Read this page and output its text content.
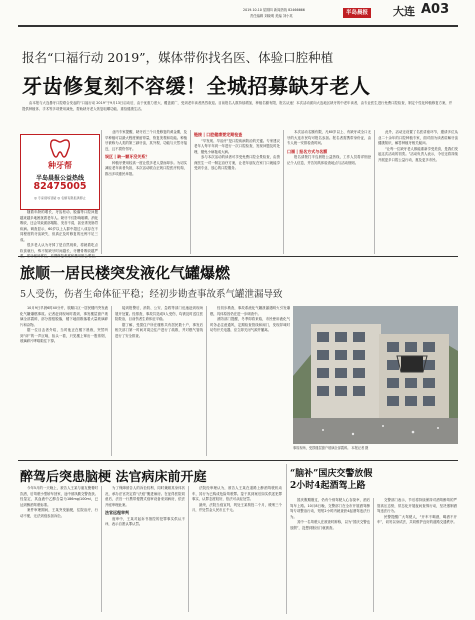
2019.10.10 星期四 新闻热线 82466666
责任编辑 刘晓明 美编 刘小英	半岛晨报 大连 A03
报名“口福行动 2019”，媒体带你找名医、体验口腔种植
牙齿修复刻不容缓！全城招募缺牙老人
由本报与大连暴牙口腔联合发起的“口福行动 2019”于9月13日启动后，由于优惠力度大、覆盖面广，受到老年读者热烈欢迎。目前报名人数持续增加，种植名额有限，报名从速！本次活动面向大连地区缺牙的中老年读者，由专业医生进行免费口腔检查，制定个性化种植修复方案，并提供种植体、手术等多项费用减免，帮助缺牙老人恢复咀嚼功能、重拾健康生活。
种牙帮
半岛晨报公益热线
82475005
◎ 专家现场答疑 ◎ 名额有限报满即止

随着年龄的增长，牙齿松动、脱落等口腔问题越来越多地困扰着老年人。缺牙不仅影响咀嚼、消化吸收，还会导致面部塌陷、发音不清，甚至诱发肠胃疾病。调查显示，60岁以上人群中超过八成存在不同程度的牙齿缺失，但真正及时修复的比例不足三成。

很多老人认为牙掉了是自然现象，将就着吃点软食就行，殊不知缺牙时间越长，牙槽骨吸收越严

业内专家提醒，缺牙后三个月是修复的黄金期，及早种植可以最大程度保留骨量，恢复美观和功能。种植牙被称为人类的第三副牙齿，其外观、功能与天然牙接近，且不损伤邻牙。

误区 | 缺一颗牙没关系？

种植牙费用较高一度让很多老人望而却步。为切实减轻老年读者负担，本次活动联合正规口腔医疗机构，推出多项惠民举措。

链接 | 口腔健康要定期检查

“早发现、早治疗”是口腔疾病防治的关键。专家建议老年人每半年到一年进行一次口腔检查，发现问题及时处理，避免小病拖成大病。

参与本次活动的读者可享受免费口腔全景检查，由资深医生一对一制定治疗方案，让老年朋友在家门口就能享受到专业、放心的口腔服务。

本次活动名额有限，凡60岁以上、有缺牙或全口无牙的大连市民均可报名参加。报名者需携带身份证，由专人统一安排检查时间。

口福 | 报名方式与名额

报名请拨打半岛晨报公益热线，工作人员将详细登记个人信息，并告知具体检查地点与活动细则。

此外，活动还设置了名医讲座环节，邀请多位从业二十余年的口腔种植专家，面对面为读者讲解牙齿健康知识，解答种植牙相关疑问。

“让每一位缺牙老人都能重新享受美食，是我们发起这次活动的初衷。”活动负责人表示，今后还将持续开展更多口腔公益行动，惠及更多市民。

旅顺一居民楼突发液化气罐爆燃
5人受伤，伤者生命体征平稳；经初步勘查事故系气罐泄漏导致

10月9日早晨6时40分许，旅顺口区一居民楼内突发液化气罐爆燃事故。记者赶到现场时看到，事发楼层窗户玻璃全部震碎，部分窗框脱落，楼下地面散落着大量玻璃碎片和杂物。

据一位目击者介绍，当时他正在楼下晨练，突然听到“砰”的一声巨响，抬头一看，只见楼上窜出一股浓烟，玻璃碎片哗啦啦往下掉。

接到报警后，消防、公安、急救等部门迅速赶到现场展开处置。经排查，事故共造成5人受伤，均被及时送往医院救治，目前伤者生命体征平稳。

据了解，受损住户所在楼栋共有居民数十户，事发后相关部门第一时间对周边住户进行了疏散，并对燃气管线进行了安全排查。

经初步勘查，事故系液化气罐泄漏遇明火引发爆燃，具体原因仍在进一步调查中。

消防部门提醒，冬季即将来临，市民使用液化气时务必注意通风，定期检查管线和阀门，发现异味时切勿开关电器，应立即关闭气源并撤离。

事故现场，受损楼层窗户玻璃全部震碎。 本报记者 摄
醉驾后突患脑梗 法官病床前开庭

今年5月的一天晚上，被告人王某与朋友聚餐时饮酒，后驾驶小型轿车回家，途中被执勤交警查获。经鉴定，其血液中乙醇含量为186mg/100ml，已达到醉酒驾驶标准。

案件审理期间，王某突发脑梗，住院治疗，行动不便，无法到庭参加诉讼。

为了保障被告人的诉讼权利，同时兼顾其身体状况，承办法官决定将“法庭”搬进病房。在征得医院同意后，法官一行携带便携式庭审设备来到病房，依法开庭审理此案。

法官远程审判

庭审中，王某对起诉书指控的犯罪事实供认不讳，表示自愿认罪认罚。

法院经审理认为，被告人王某在道路上醉酒驾驶机动车，其行为已构成危险驾驶罪。鉴于其到案后如实供述犯罪事实，认罪态度较好，依法可从轻处罚。

最终，法院当庭宣判，判处王某拘役二个月，缓刑三个月，并处罚金人民币五千元。

“脑补”国庆交警放假
2小时4起酒驾上路

国庆假期刚过，仍有个别驾驶人心存侥幸，酒后驾车上路。10月8日晚，交警部门在全市开展酒驾醉驾专项整治行动，短短2小时内就查获4起酒驾违法行为。

其中一名驾驶人在被查时辩称，以为“国庆交警也放假”，没想到刚出门就被查。

交警部门表示，节后将持续保持对酒驾醉驾的严管高压态势，常态化开展夜间查缉行动，坚决遏制酒驾违法行为。

民警提醒广大驾驶人，“开车不喝酒，喝酒不开车”，切勿以身试法，共同维护良好的道路交通秩序。
